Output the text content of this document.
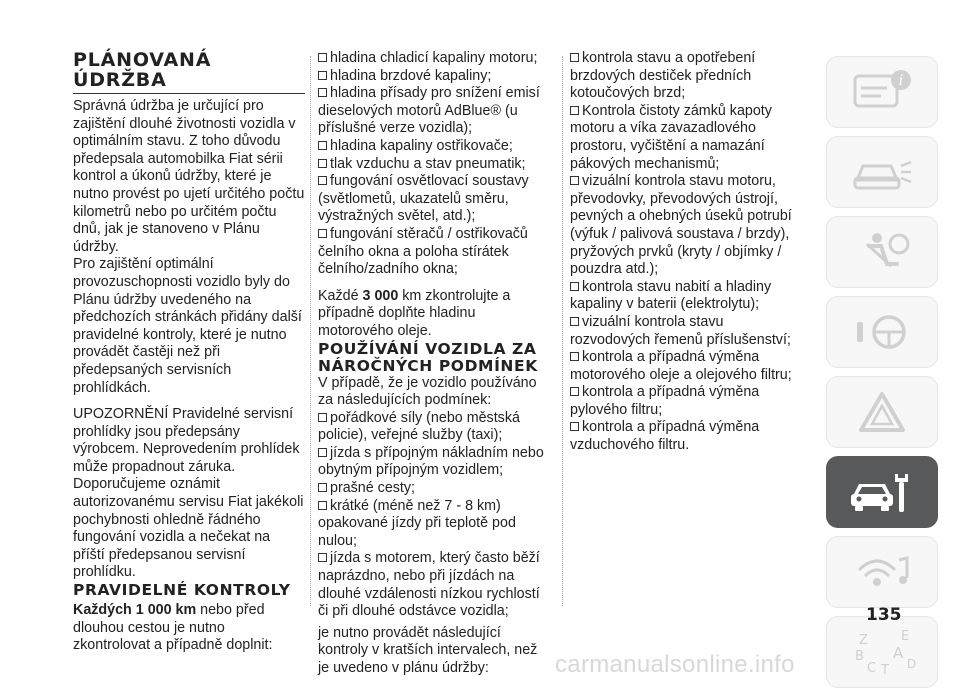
PLÁNOVANÁ
ÚDRŽBA

Správná údržba je určující pro zajištění dlouhé životnosti vozidla v optimálním stavu. Z toho důvodu předepsala automobilka Fiat sérii kontrol a úkonů údržby, které je nutno provést po ujetí určitého počtu kilometrů nebo po určitém počtu dnů, jak je stanoveno v Plánu údržby.

Pro zajištění optimální provozuschopnosti vozidlo byly do Plánu údržby uvedeného na předchozích stránkách přidány další pravidelné kontroly, které je nutno provádět častěji než při předepsaných servisních prohlídkách.

UPOZORNĚNÍ Pravidelné servisní prohlídky jsou předepsány výrobcem. Neprovedením prohlídek může propadnout záruka. Doporučujeme oznámit autorizovanému servisu Fiat jakékoli pochybnosti ohledně řádného fungování vozidla a nečekat na příští předepsanou servisní prohlídku.

PRAVIDELNÉ KONTROLY

Každých 1 000 km nebo před dlouhou cestou je nutno zkontrolovat a případně doplnit:

hladina chladicí kapaliny motoru;
hladina brzdové kapaliny;
hladina přísady pro snížení emisí dieselových motorů AdBlue® (u příslušné verze vozidla);
hladina kapaliny ostřikovače;
tlak vzduchu a stav pneumatik;
fungování osvětlovací soustavy (světlometů, ukazatelů směru, výstražných světel, atd.);
fungování stěračů / ostřikovačů čelního okna a poloha stírátek čelního/zadního okna;

Každé 3 000 km zkontrolujte a případně doplňte hladinu motorového oleje.

POUŽÍVÁNÍ VOZIDLA ZA NÁROČNÝCH PODMÍNEK

V případě, že je vozidlo používáno za následujících podmínek:

pořádkové síly (nebo městská policie), veřejné služby (taxi);
jízda s přípojným nákladním nebo obytným přípojným vozidlem;
prašné cesty;
krátké (méně než 7 - 8 km) opakované jízdy při teplotě pod nulou;
jízda s motorem, který často běží naprázdno, nebo při jízdách na dlouhé vzdálenosti nízkou rychlostí či při dlouhé odstávce vozidla;

je nutno provádět následující kontroly v kratších intervalech, než je uvedeno v plánu údržby:

kontrola stavu a opotřebení brzdových destiček předních kotoučových brzd;
Kontrola čistoty zámků kapoty motoru a víka zavazadlového prostoru, vyčištění a namazání pákových mechanismů;
vizuální kontrola stavu motoru, převodovky, převodových ústrojí, pevných a ohebných úseků potrubí (výfuk / palivová soustava / brzdy), pryžových prvků (kryty / objímky / pouzdra atd.);
kontrola stavu nabití a hladiny kapaliny v baterii (elektrolytu);
vizuální kontrola stavu rozvodových řemenů příslušenství;
kontrola a případná výměna motorového oleje a olejového filtru;
kontrola a případná výměna pylového filtru;
kontrola a případná výměna vzduchového filtru.
i
Z	E
B A
C T D
135
carmanualsonline.info
